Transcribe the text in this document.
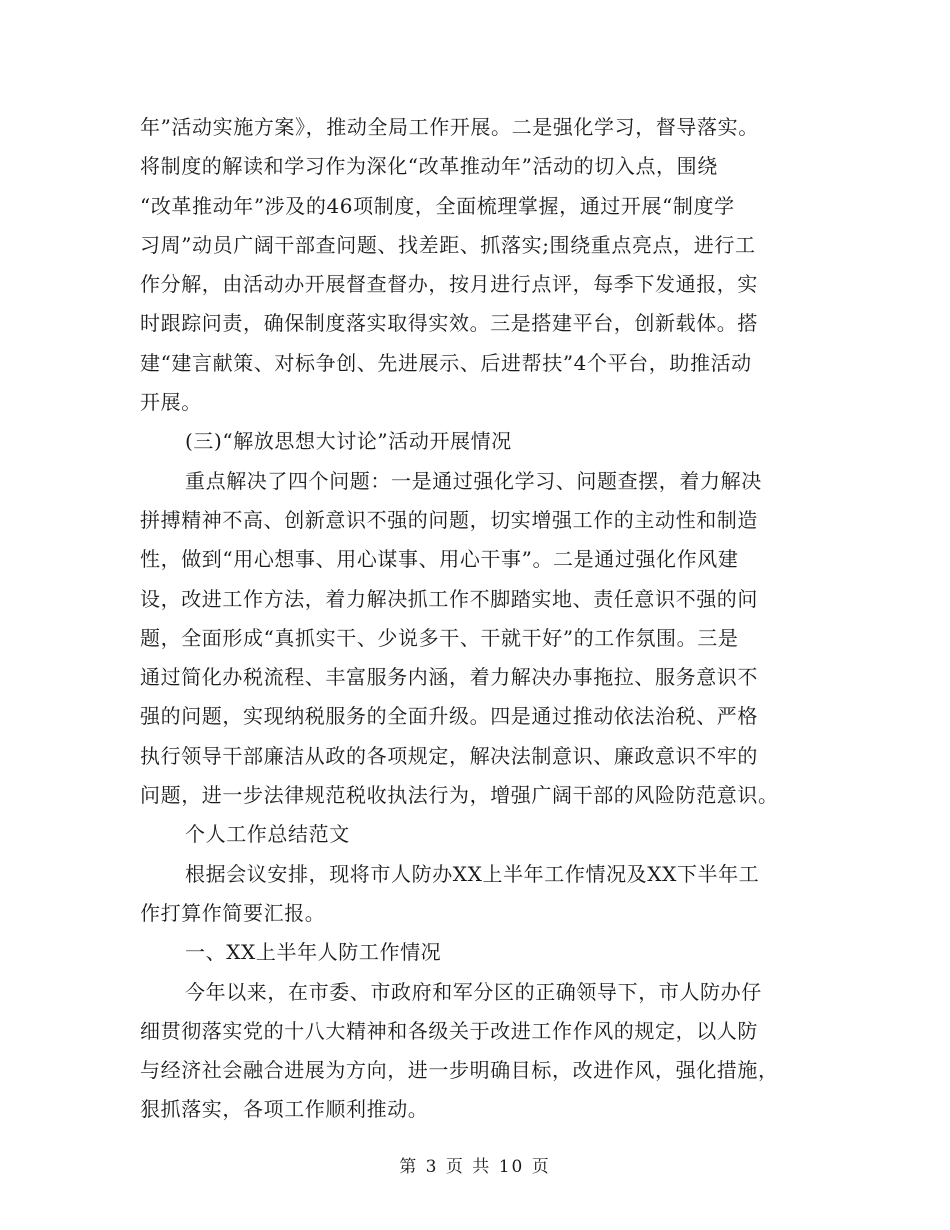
年”活动实施方案》，推动全局工作开展。二是强化学习，督导落实。
将制度的解读和学习作为深化“改革推动年”活动的切入点，围绕
“改革推动年”涉及的46项制度，全面梳理掌握，通过开展“制度学
习周”动员广阔干部查问题、找差距、抓落实;围绕重点亮点，进行工
作分解，由活动办开展督查督办，按月进行点评，每季下发通报，实
时跟踪问责，确保制度落实取得实效。三是搭建平台，创新载体。搭
建“建言献策、对标争创、先进展示、后进帮扶”4个平台，助推活动
开展。
(三)“解放思想大讨论”活动开展情况
重点解决了四个问题：一是通过强化学习、问题查摆，着力解决
拼搏精神不高、创新意识不强的问题，切实增强工作的主动性和制造
性，做到“用心想事、用心谋事、用心干事”。二是通过强化作风建
设，改进工作方法，着力解决抓工作不脚踏实地、责任意识不强的问
题，全面形成“真抓实干、少说多干、干就干好”的工作氛围。三是
通过简化办税流程、丰富服务内涵，着力解决办事拖拉、服务意识不
强的问题，实现纳税服务的全面升级。四是通过推动依法治税、严格
执行领导干部廉洁从政的各项规定，解决法制意识、廉政意识不牢的
问题，进一步法律规范税收执法行为，增强广阔干部的风险防范意识。
个人工作总结范文
根据会议安排，现将市人防办XX上半年工作情况及XX下半年工
作打算作简要汇报。
一、XX上半年人防工作情况
今年以来，在市委、市政府和军分区的正确领导下，市人防办仔
细贯彻落实党的十八大精神和各级关于改进工作作风的规定，以人防
与经济社会融合进展为方向，进一步明确目标，改进作风，强化措施，
狠抓落实，各项工作顺利推动。
第 3 页 共 10 页
